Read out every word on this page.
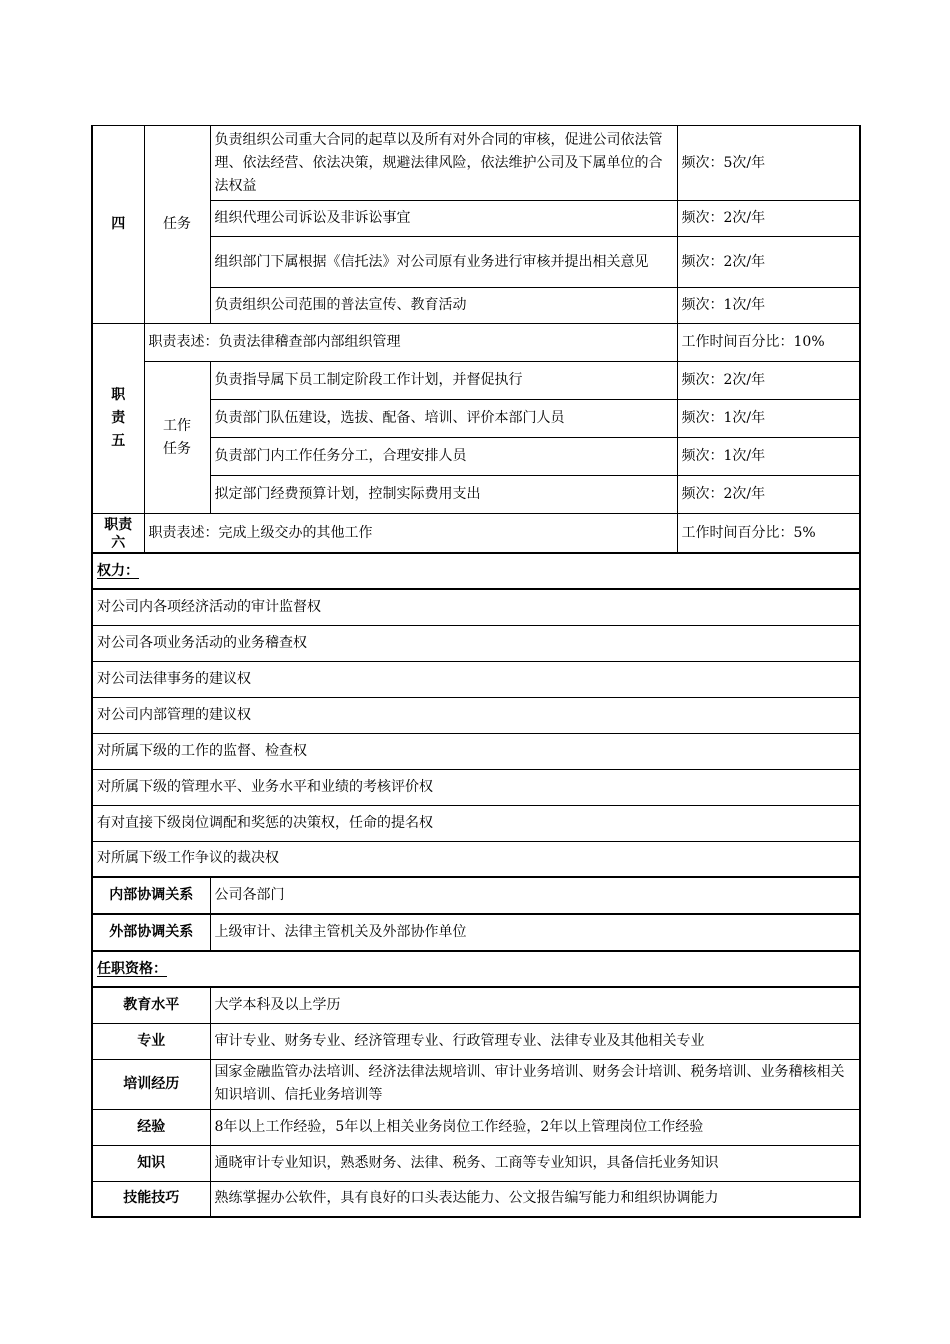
四	任务	负责组织公司重大合同的起草以及所有对外合同的审核，促进公司依法管理、依法经营、依法决策，规避法律风险，依法维护公司及下属单位的合法权益	频次：5次/年
		组织代理公司诉讼及非诉讼事宜	频次：2次/年
		组织部门下属根据《信托法》对公司原有业务进行审核并提出相关意见	频次：2次/年
		负责组织公司范围的普法宣传、教育活动	频次：1次/年
职责五	职责表述：负责法律稽查部内部组织管理		工作时间百分比：10%
	工作任务	负责指导属下员工制定阶段工作计划，并督促执行	频次：2次/年
		负责部门队伍建设，选拔、配备、培训、评价本部门人员	频次：1次/年
		负责部门内工作任务分工，合理安排人员	频次：1次/年
		拟定部门经费预算计划，控制实际费用支出	频次：2次/年
职责六	职责表述：完成上级交办的其他工作		工作时间百分比：5%
权力：	
对公司内各项经济活动的审计监督权	
对公司各项业务活动的业务稽查权	
对公司法律事务的建议权	
对公司内部管理的建议权	
对所属下级的工作的监督、检查权	
对所属下级的管理水平、业务水平和业绩的考核评价权	
有对直接下级岗位调配和奖惩的决策权，任命的提名权	
对所属下级工作争议的裁决权	
内部协调关系	公司各部门
外部协调关系	上级审计、法律主管机关及外部协作单位
任职资格：	
教育水平	大学本科及以上学历
专业	审计专业、财务专业、经济管理专业、行政管理专业、法律专业及其他相关专业
培训经历	国家金融监管办法培训、经济法律法规培训、审计业务培训、财务会计培训、税务培训、业务稽核相关知识培训、信托业务培训等
经验	8年以上工作经验，5年以上相关业务岗位工作经验，2年以上管理岗位工作经验
知识	通晓审计专业知识，熟悉财务、法律、税务、工商等专业知识，具备信托业务知识
技能技巧	熟练掌握办公软件，具有良好的口头表达能力、公文报告编写能力和组织协调能力
